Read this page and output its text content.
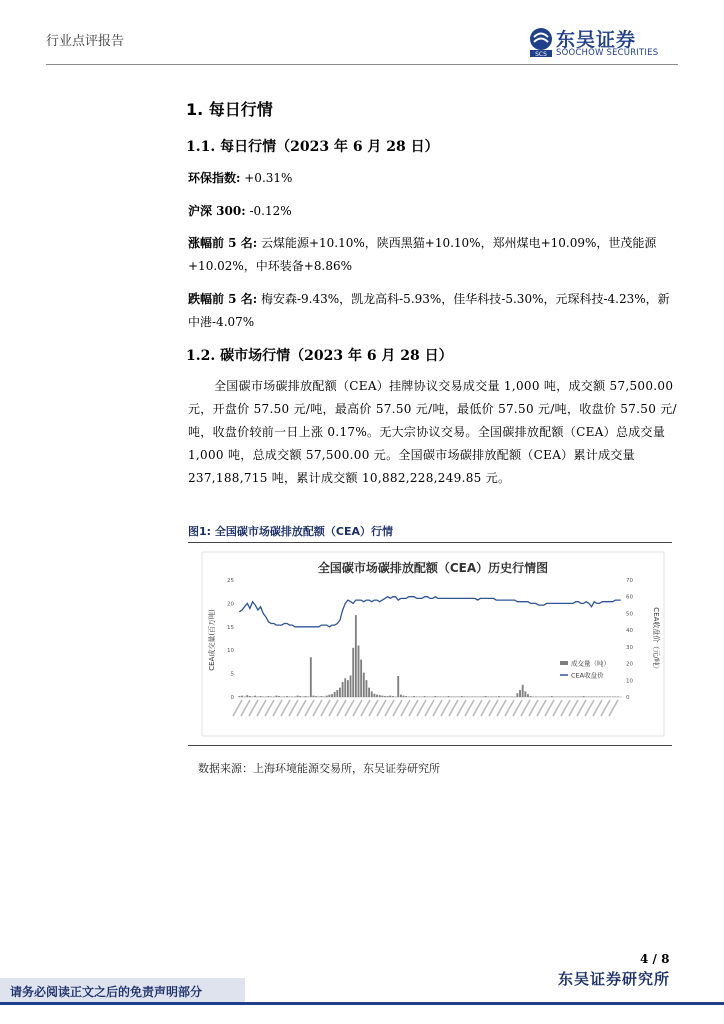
行业点评报告
SCS
东吴证券
SOOCHOW SECURITIES
1. 每日行情
1.1. 每日行情（2023 年 6 月 28 日）
环保指数: +0.31%
沪深 300: -0.12%
涨幅前 5 名: 云煤能源+10.10%，陕西黑猫+10.10%，郑州煤电+10.09%，世茂能源+10.02%，中环装备+8.86%
跌幅前 5 名: 梅安森-9.43%，凯龙高科-5.93%，佳华科技-5.30%，元琛科技-4.23%，新中港-4.07%
1.2. 碳市场行情（2023 年 6 月 28 日）
全国碳市场碳排放配额（CEA）挂牌协议交易成交量 1,000 吨，成交额 57,500.00 元，开盘价 57.50 元/吨，最高价 57.50 元/吨，最低价 57.50 元/吨，收盘价 57.50 元/吨，收盘价较前一日上涨 0.17%。无大宗协议交易。全国碳排放配额（CEA）总成交量 1,000 吨，总成交额 57,500.00 元。全国碳市场碳排放配额（CEA）累计成交量 237,188,715 吨，累计成交额 10,882,228,249.85 元。
图1: 全国碳市场碳排放配额（CEA）行情
全国碳市场碳排放配额（CEA）历史行情图
CEA成交量(百万吨)	CEA收盘价（元/吨）
0
5
10
15
20
25
0
10
20
30
40
50
60
70
成交量（吨）
CEA收盘价
数据来源：上海环境能源交易所，东吴证券研究所
4 / 8
东吴证券研究所
请务必阅读正文之后的免责声明部分
